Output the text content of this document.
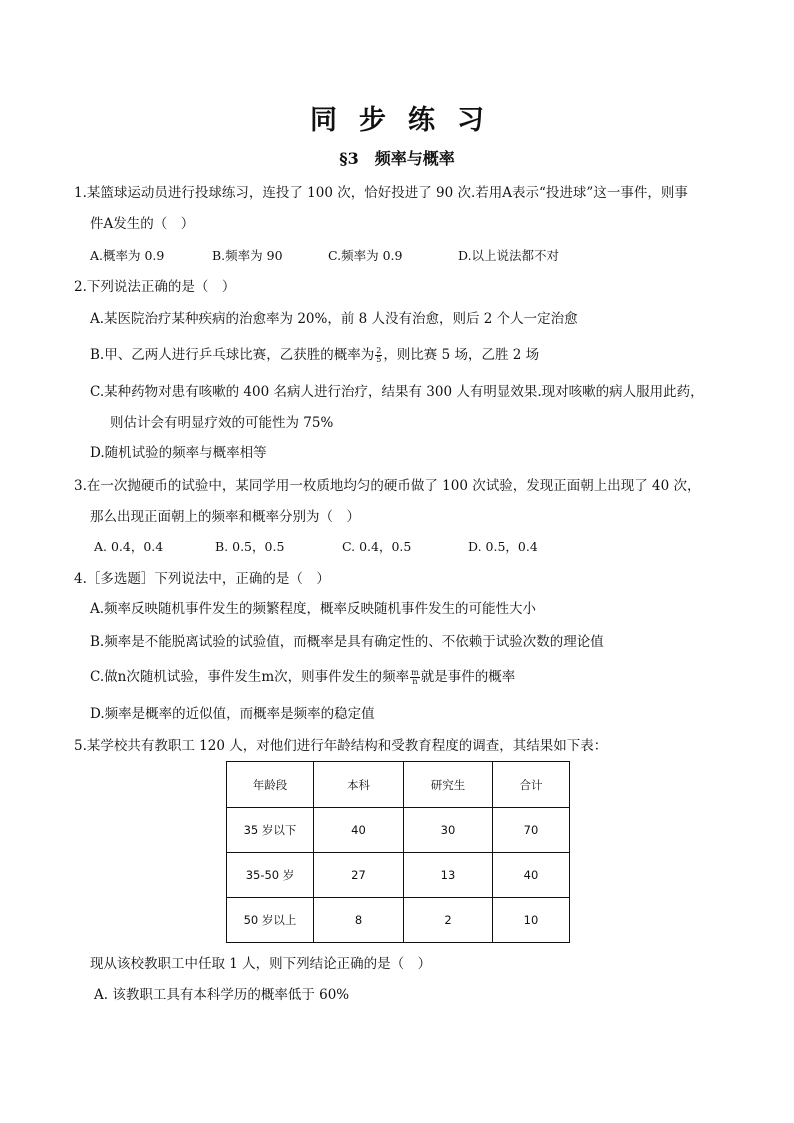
同步练习
§3　频率与概率
1.某篮球运动员进行投球练习，连投了 100 次，恰好投进了 90 次.若用A表示“投进球”这一事件，则事
件A发生的（　）
A.概率为 0.9	B.频率为 90	C.频率为 0.9	D.以上说法都不对
2.下列说法正确的是（　）
A.某医院治疗某种疾病的治愈率为 20%，前 8 人没有治愈，则后 2 个人一定治愈
B.甲、乙两人进行乒乓球比赛，乙获胜的概率为 $\frac{2}{5}$ ，则比赛 5 场，乙胜 2 场
C.某种药物对患有咳嗽的 400 名病人进行治疗，结果有 300 人有明显效果.现对咳嗽的病人服用此药，
则估计会有明显疗效的可能性为 75%
D.随机试验的频率与概率相等
3.在一次抛硬币的试验中，某同学用一枚质地均匀的硬币做了 100 次试验，发现正面朝上出现了 40 次，
那么出现正面朝上的频率和概率分别为（　）
A. 0.4，0.4	B. 0.5，0.5	C. 0.4，0.5	D. 0.5，0.4
4.［多选题］下列说法中，正确的是（　）
A.频率反映随机事件发生的频繁程度，概率反映随机事件发生的可能性大小
B.频率是不能脱离试验的试验值，而概率是具有确定性的、不依赖于试验次数的理论值
C.做n次随机试验，事件发生m次，则事件发生的频率 $\frac{m}{n}$ 就是事件的概率
D.频率是概率的近似值，而概率是频率的稳定值
5.某学校共有教职工 120 人，对他们进行年龄结构和受教育程度的调查，其结果如下表：
年龄段	本科	研究生	合计
35 岁以下	40	30	70
35-50 岁	27	13	40
50 岁以上	8	2	10
现从该校教职工中任取 1 人，则下列结论正确的是（　）
A. 该教职工具有本科学历的概率低于 60%
